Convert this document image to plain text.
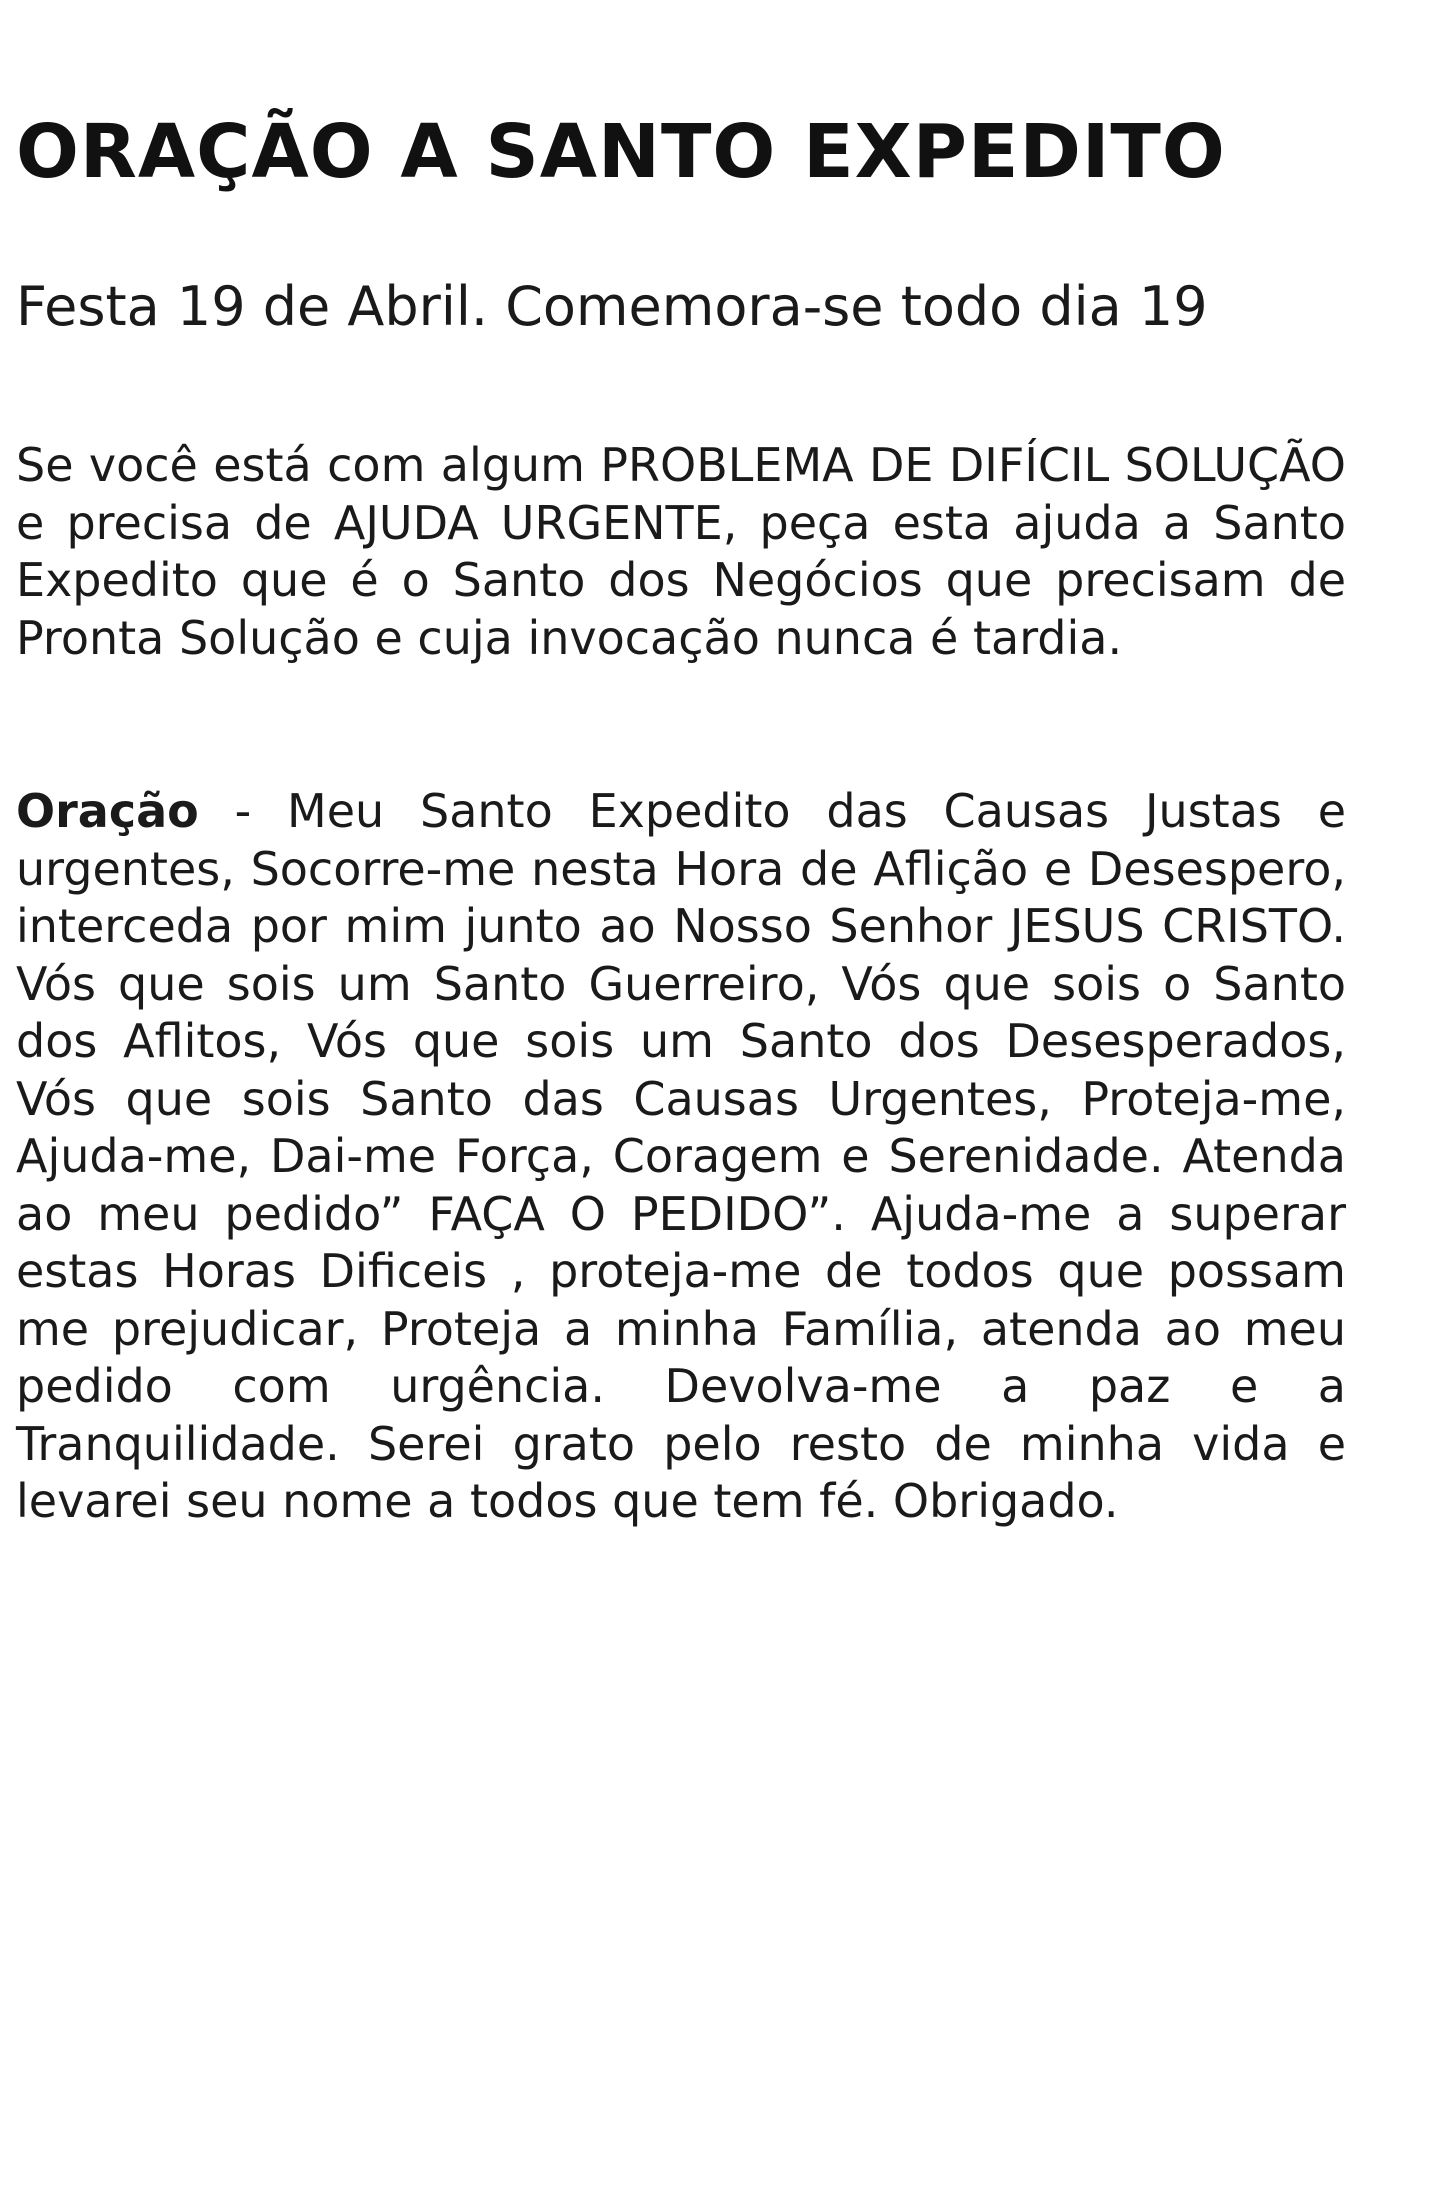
ORAÇÃO A SANTO EXPEDITO

Festa 19 de Abril. Comemora-se todo dia 19

Se você está com algum PROBLEMA DE DIFÍCIL SOLUÇÃO e precisa de AJUDA URGENTE, peça esta ajuda a Santo Expedito que é o Santo dos Negócios que precisam de Pronta Solução e cuja invocação nunca é tardia.

Oração - Meu Santo Expedito das Causas Justas e urgentes, Socorre-me nesta Hora de Aflição e Desespero, interceda por mim junto ao Nosso Senhor JESUS CRISTO. Vós que sois um Santo Guerreiro, Vós que sois o Santo dos Aflitos, Vós que sois um Santo dos Desesperados, Vós que sois Santo das Causas Urgentes, Proteja-me, Ajuda-me, Dai-me Força, Coragem e Serenidade. Atenda ao meu pedido” FAÇA O PEDIDO”. Ajuda-me a superar estas Horas Dificeis , proteja-me de todos que possam me prejudicar, Proteja a minha Família, atenda ao meu pedido com urgência. Devolva-me a paz e a Tranquilidade. Serei grato pelo resto de minha vida e levarei seu nome a todos que tem fé. Obrigado.
